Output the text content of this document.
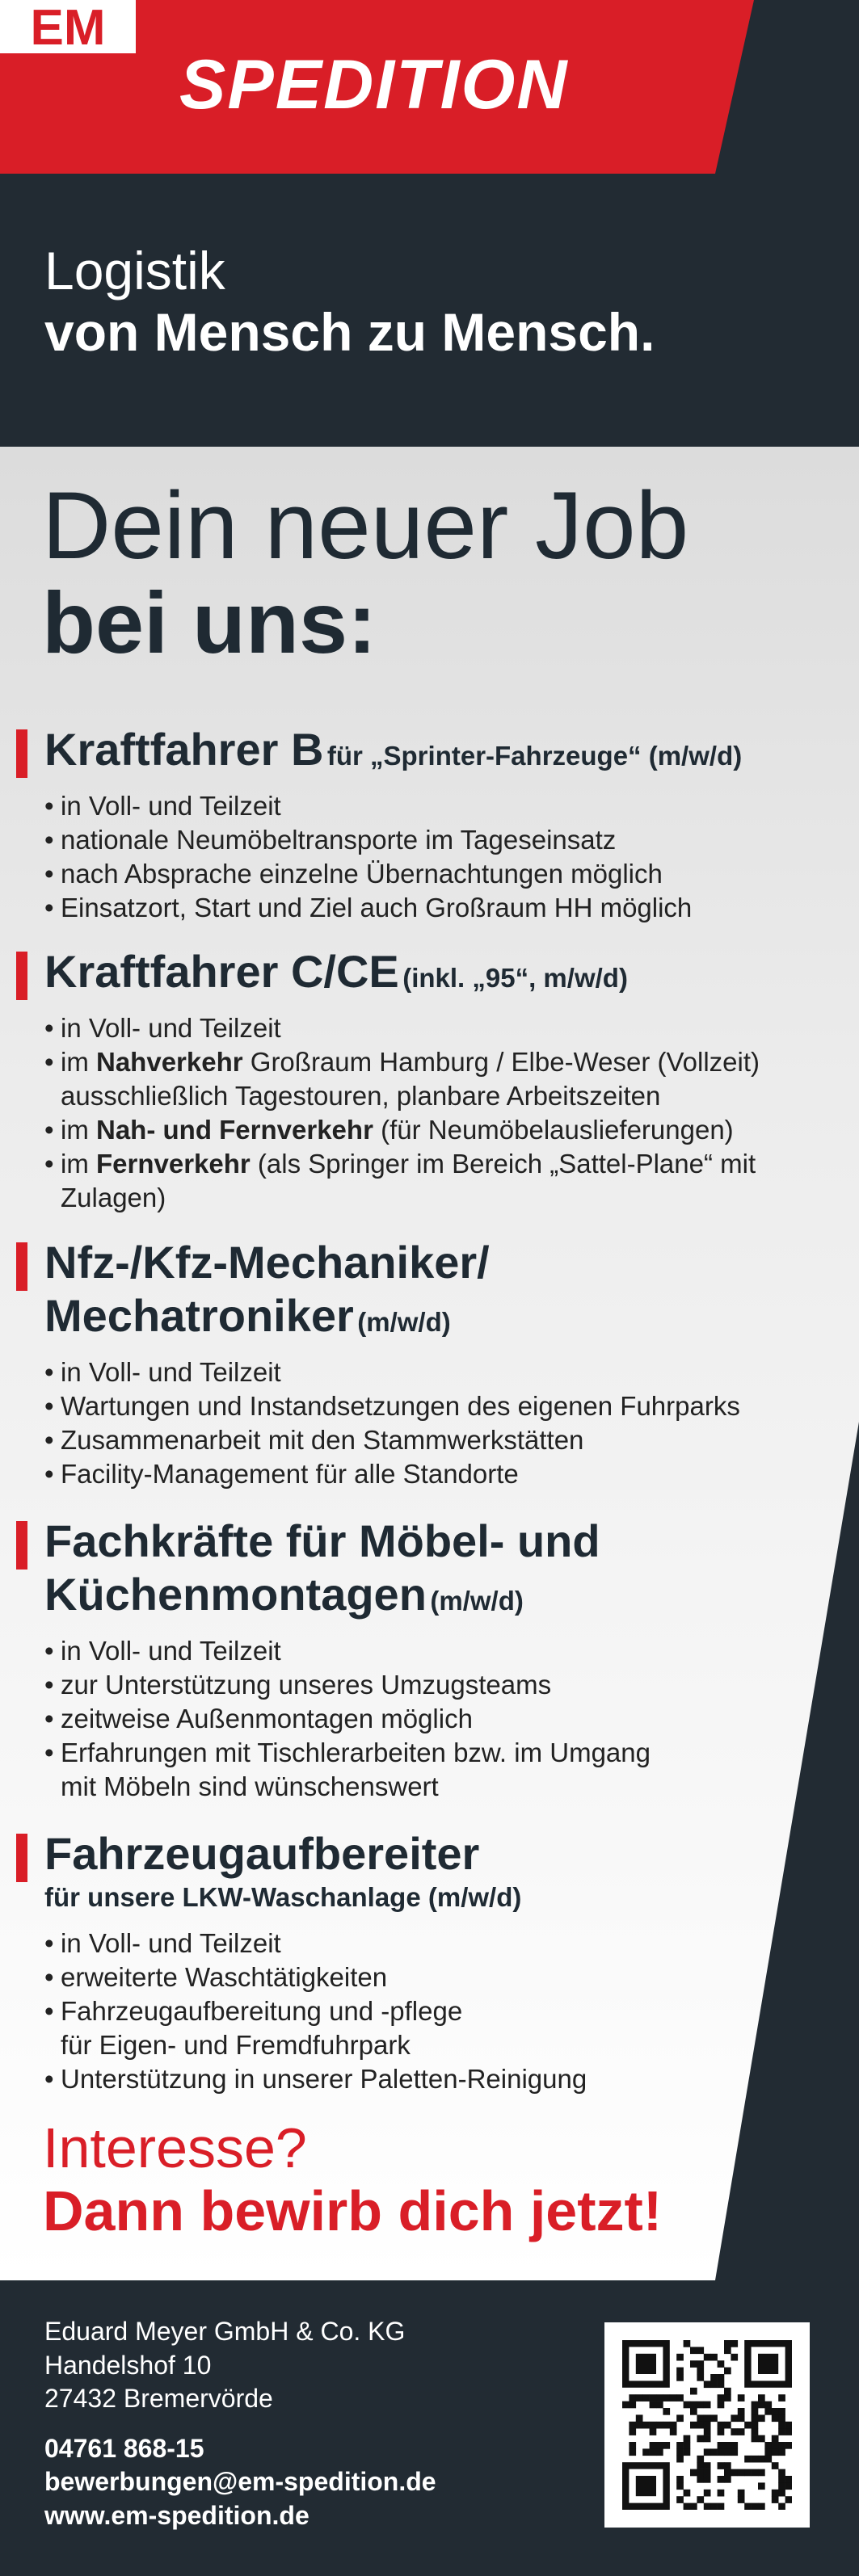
EM
SPEDITION
Logistik
von Mensch zu Mensch.
Dein neuer Job
bei uns:
Kraftfahrer B für „Sprinter-Fahrzeuge“ (m/w/d)
• in Voll- und Teilzeit
• nationale Neumöbeltransporte im Tageseinsatz
• nach Absprache einzelne Übernachtungen möglich
• Einsatzort, Start und Ziel auch Großraum HH möglich
Kraftfahrer C/CE (inkl. „95“, m/w/d)
• in Voll- und Teilzeit
• im Nahverkehr Großraum Hamburg / Elbe-Weser (Vollzeit)
ausschließlich Tagestouren, planbare Arbeitszeiten
• im Nah- und Fernverkehr (für Neumöbelauslieferungen)
• im Fernverkehr (als Springer im Bereich „Sattel-Plane“ mit
Zulagen)
Nfz-/Kfz-Mechaniker/
Mechatroniker (m/w/d)
• in Voll- und Teilzeit
• Wartungen und Instandsetzungen des eigenen Fuhrparks
• Zusammenarbeit mit den Stammwerkstätten
• Facility-Management für alle Standorte
Fachkräfte für Möbel- und
Küchenmontagen (m/w/d)
• in Voll- und Teilzeit
• zur Unterstützung unseres Umzugsteams
• zeitweise Außenmontagen möglich
• Erfahrungen mit Tischlerarbeiten bzw. im Umgang
mit Möbeln sind wünschenswert
Fahrzeugaufbereiter
für unsere LKW-Waschanlage (m/w/d)
• in Voll- und Teilzeit
• erweiterte Waschtätigkeiten
• Fahrzeugaufbereitung und -pflege
für Eigen- und Fremdfuhrpark
• Unterstützung in unserer Paletten-Reinigung
Interesse?
Dann bewirb dich jetzt!
Eduard Meyer GmbH & Co. KG
Handelshof 10
27432 Bremervörde
04761 868-15
bewerbungen@em-spedition.de
www.em-spedition.de
